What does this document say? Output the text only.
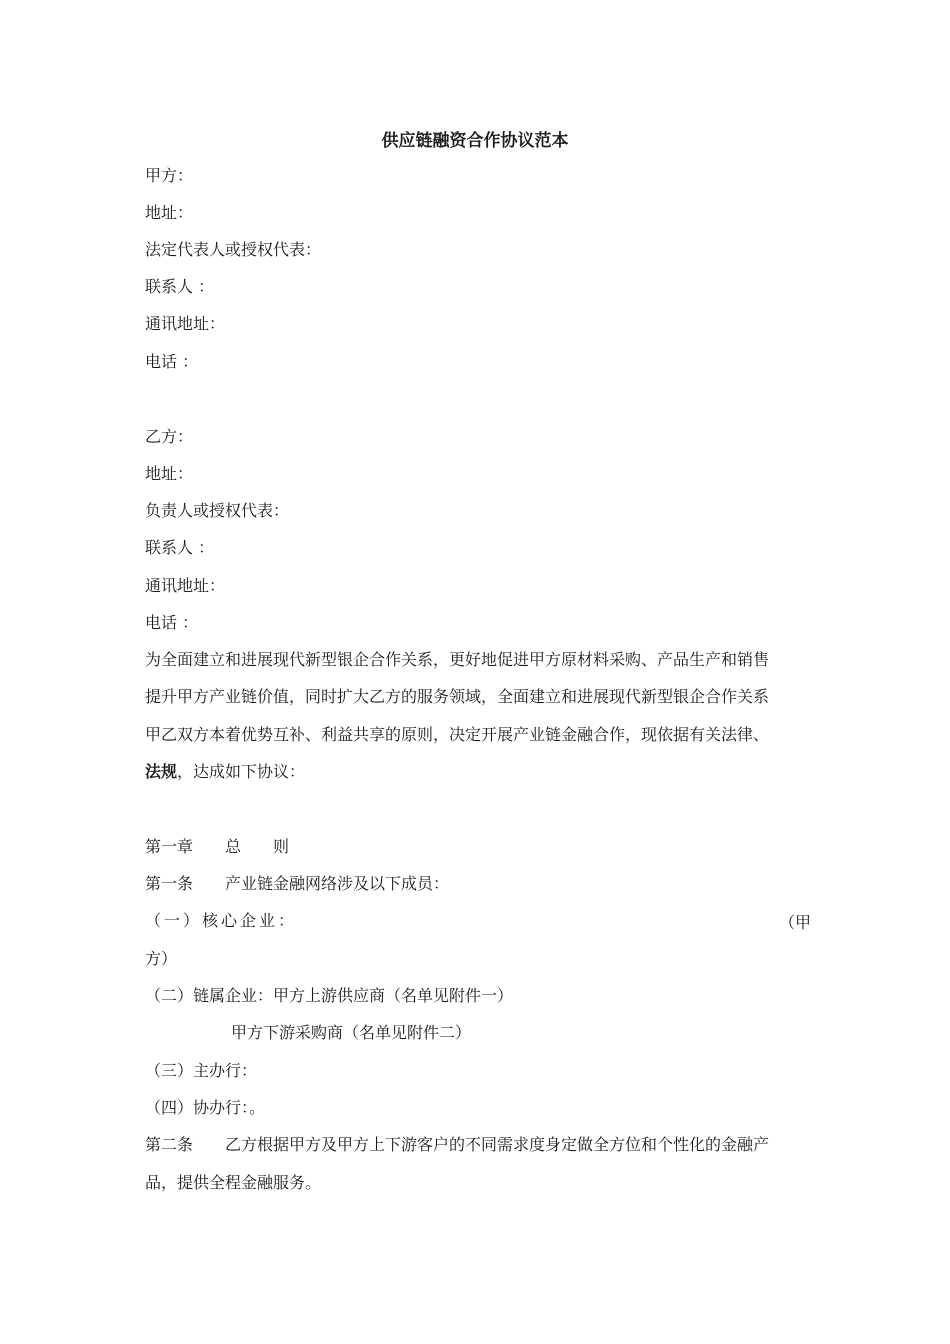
供应链融资合作协议范本
甲方：
地址：
法定代表人或授权代表：
联系人 ：
通讯地址：
电话 ：
乙方：
地址：
负责人或授权代表：
联系人 ：
通讯地址：
电话 ：
为全面建立和进展现代新型银企合作关系，更好地促进甲方原材料采购、产品生产和销售
提升甲方产业链价值，同时扩大乙方的服务领域，全面建立和进展现代新型银企合作关系
甲乙双方本着优势互补、利益共享的原则，决定开展产业链金融合作，现依据有关法律、
法规，达成如下协议：
第一章　　总　　则
第一条　　产业链金融网络涉及以下成员：
（一）核心企业：	（甲
方）
（二）链属企业：甲方上游供应商（名单见附件一）
甲方下游采购商（名单见附件二）
（三）主办行：
（四）协办行：。
第二条　　乙方根据甲方及甲方上下游客户的不同需求度身定做全方位和个性化的金融产
品，提供全程金融服务。
